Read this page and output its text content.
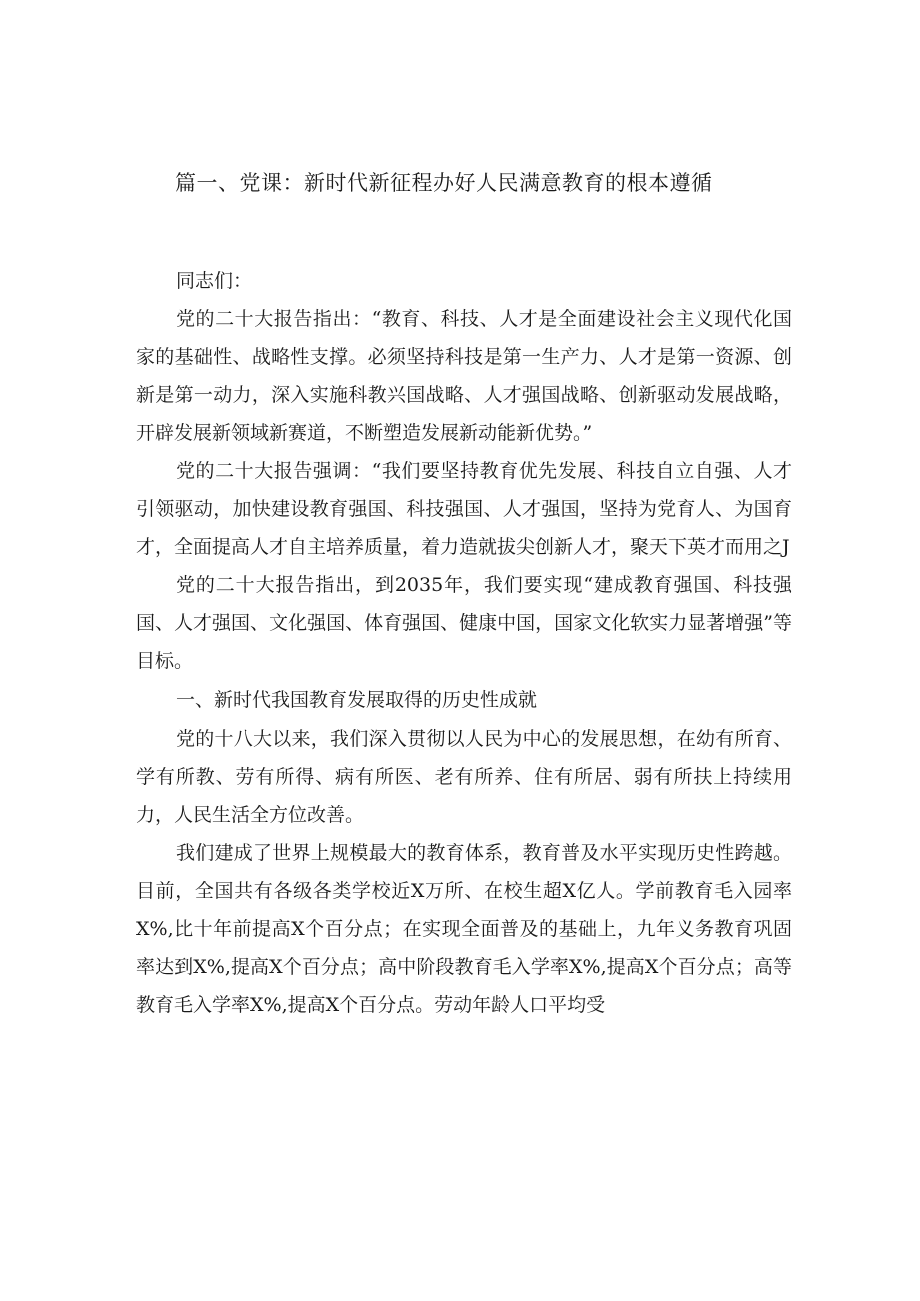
篇一、党课：新时代新征程办好人民满意教育的根本遵循

同志们：

党的二十大报告指出：“教育、科技、人才是全面建设社会主义现代化国家的基础性、战略性支撑。必须坚持科技是第一生产力、人才是第一资源、创新是第一动力，深入实施科教兴国战略、人才强国战略、创新驱动发展战略，开辟发展新领域新赛道，不断塑造发展新动能新优势。”

党的二十大报告强调：“我们要坚持教育优先发展、科技自立自强、人才引领驱动，加快建设教育强国、科技强国、人才强国，坚持为党育人、为国育才，全面提高人才自主培养质量，着力造就拔尖创新人才，聚天下英才而用之J

党的二十大报告指出，到2035年，我们要实现“建成教育强国、科技强国、人才强国、文化强国、体育强国、健康中国，国家文化软实力显著增强”等目标。

一、新时代我国教育发展取得的历史性成就

党的十八大以来，我们深入贯彻以人民为中心的发展思想，在幼有所育、学有所教、劳有所得、病有所医、老有所养、住有所居、弱有所扶上持续用力，人民生活全方位改善。

我们建成了世界上规模最大的教育体系，教育普及水平实现历史性跨越。目前，全国共有各级各类学校近X万所、在校生超X亿人。学前教育毛入园率X%,比十年前提高X个百分点；在实现全面普及的基础上，九年义务教育巩固率达到X%,提高X个百分点；高中阶段教育毛入学率X%,提高X个百分点；高等教育毛入学率X%,提高X个百分点。劳动年龄人口平均受
